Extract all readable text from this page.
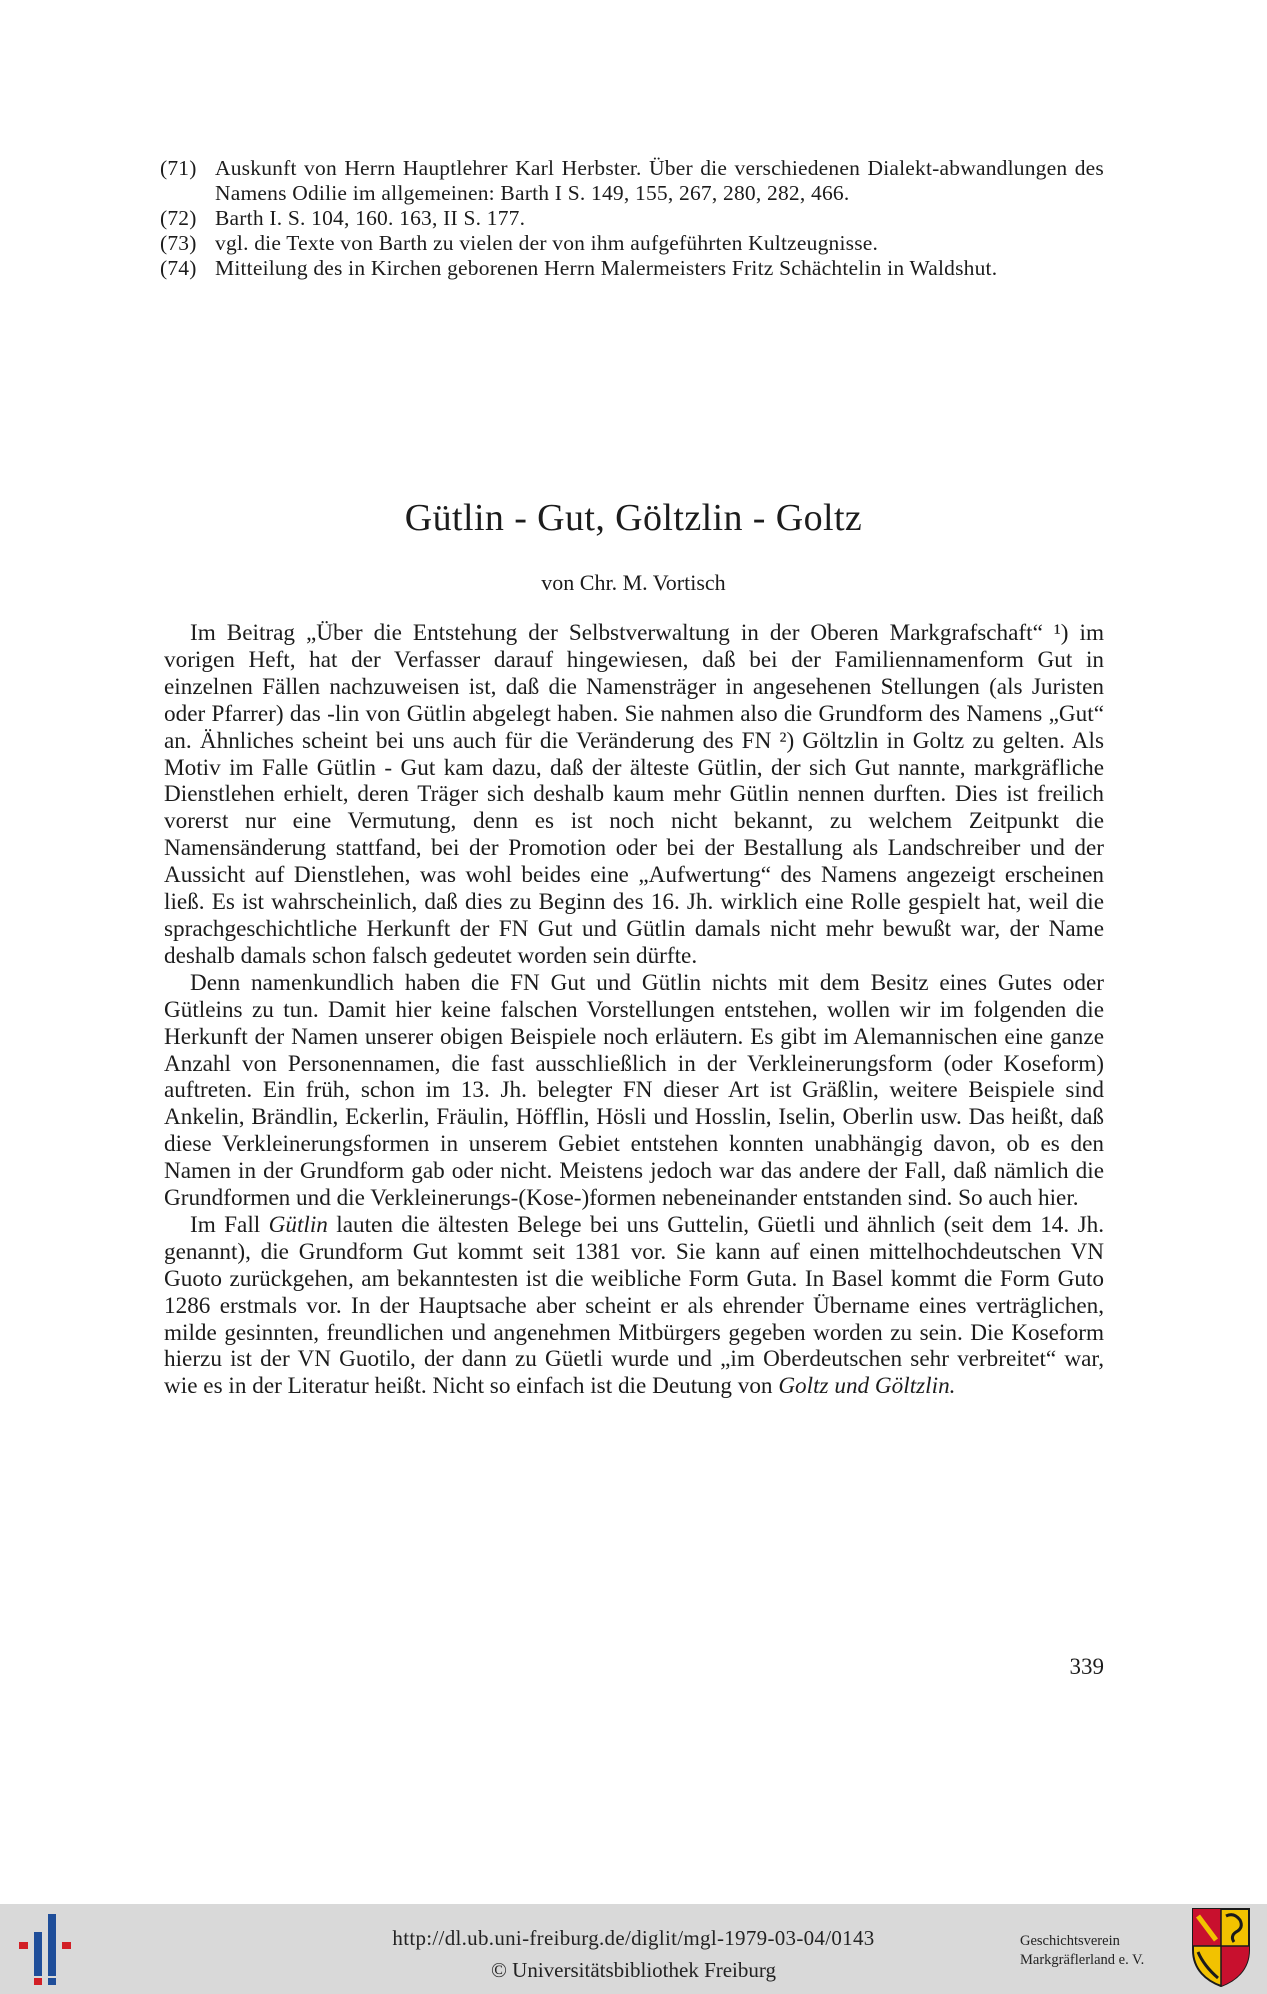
(71) Auskunft von Herrn Hauptlehrer Karl Herbster. Über die verschiedenen Dialekt-abwandlungen des Namens Odilie im allgemeinen: Barth I S. 149, 155, 267, 280, 282, 466.
(72) Barth I. S. 104, 160. 163, II S. 177.
(73) vgl. die Texte von Barth zu vielen der von ihm aufgeführten Kultzeugnisse.
(74) Mitteilung des in Kirchen geborenen Herrn Malermeisters Fritz Schächtelin in Waldshut.
Gütlin - Gut, Göltzlin - Goltz
von Chr. M. Vortisch

Im Beitrag „Über die Entstehung der Selbstverwaltung in der Oberen Markgrafschaft“ ¹) im vorigen Heft, hat der Verfasser darauf hingewiesen, daß bei der Familiennamenform Gut in einzelnen Fällen nachzuweisen ist, daß die Namensträger in angesehenen Stellungen (als Juristen oder Pfarrer) das -lin von Gütlin abgelegt haben. Sie nahmen also die Grundform des Namens „Gut“ an. Ähnliches scheint bei uns auch für die Veränderung des FN ²) Göltzlin in Goltz zu gelten. Als Motiv im Falle Gütlin - Gut kam dazu, daß der älteste Gütlin, der sich Gut nannte, markgräfliche Dienstlehen erhielt, deren Träger sich deshalb kaum mehr Gütlin nennen durften. Dies ist freilich vorerst nur eine Vermutung, denn es ist noch nicht bekannt, zu welchem Zeitpunkt die Namensänderung stattfand, bei der Promotion oder bei der Bestallung als Landschreiber und der Aussicht auf Dienstlehen, was wohl beides eine „Aufwertung“ des Namens angezeigt erscheinen ließ. Es ist wahrscheinlich, daß dies zu Beginn des 16. Jh. wirklich eine Rolle gespielt hat, weil die sprachgeschichtliche Herkunft der FN Gut und Gütlin damals nicht mehr bewußt war, der Name deshalb damals schon falsch gedeutet worden sein dürfte.

Denn namenkundlich haben die FN Gut und Gütlin nichts mit dem Besitz eines Gutes oder Gütleins zu tun. Damit hier keine falschen Vorstellungen entstehen, wollen wir im folgenden die Herkunft der Namen unserer obigen Beispiele noch erläutern. Es gibt im Alemannischen eine ganze Anzahl von Personennamen, die fast ausschließlich in der Verkleinerungsform (oder Koseform) auftreten. Ein früh, schon im 13. Jh. belegter FN dieser Art ist Gräßlin, weitere Beispiele sind Ankelin, Brändlin, Eckerlin, Fräulin, Höfflin, Hösli und Hosslin, Iselin, Oberlin usw. Das heißt, daß diese Verkleinerungsformen in unserem Gebiet entstehen konnten unabhängig davon, ob es den Namen in der Grundform gab oder nicht. Meistens jedoch war das andere der Fall, daß nämlich die Grundformen und die Verkleinerungs-(Kose-)formen nebeneinander entstanden sind. So auch hier.

Im Fall Gütlin lauten die ältesten Belege bei uns Guttelin, Güetli und ähnlich (seit dem 14. Jh. genannt), die Grundform Gut kommt seit 1381 vor. Sie kann auf einen mittelhochdeutschen VN Guoto zurückgehen, am bekanntesten ist die weibliche Form Guta. In Basel kommt die Form Guto 1286 erstmals vor. In der Hauptsache aber scheint er als ehrender Übername eines verträglichen, milde gesinnten, freundlichen und angenehmen Mitbürgers gegeben worden zu sein. Die Koseform hierzu ist der VN Guotilo, der dann zu Güetli wurde und „im Oberdeutschen sehr verbreitet“ war, wie es in der Literatur heißt. Nicht so einfach ist die Deutung von Goltz und Göltzlin.

339
http://dl.ub.uni-freiburg.de/diglit/mgl-1979-03-04/0143
© Universitätsbibliothek Freiburg
Geschichtsverein
Markgräflerland e. V.
